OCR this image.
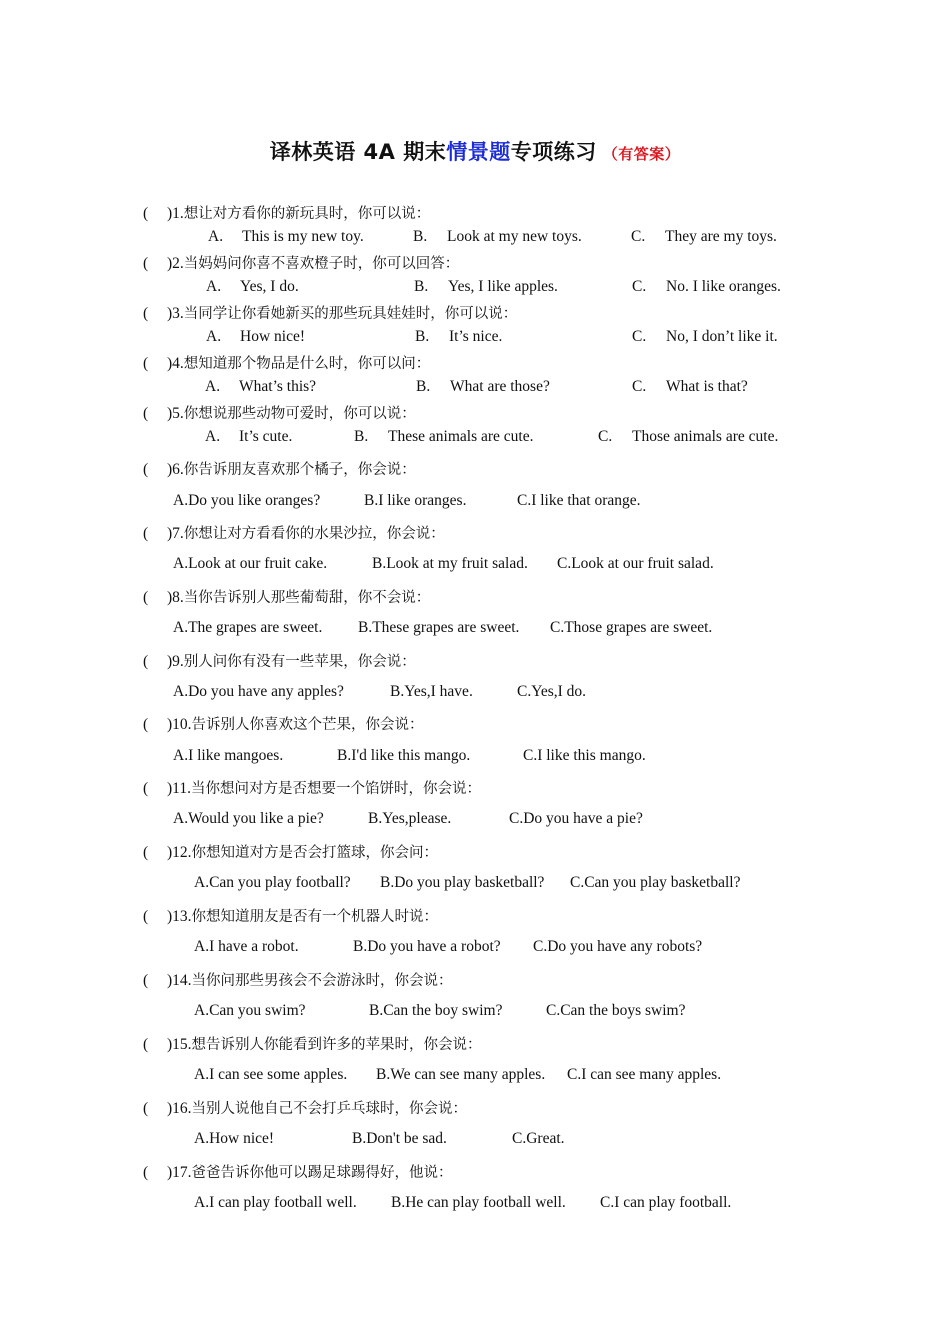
译林英语 4A 期末情景题专项练习 （有答案）
( )1.想让对方看你的新玩具时，你可以说：
A. This is my new toy.	B. Look at my new toys.	C. They are my toys.
( )2.当妈妈问你喜不喜欢橙子时，你可以回答：
A. Yes, I do.	B. Yes, I like apples.	C. No. I like oranges.
( )3.当同学让你看她新买的那些玩具娃娃时，你可以说：
A. How nice!	B. It’s nice.	C. No, I don’t like it.
( )4.想知道那个物品是什么时，你可以问：
A. What’s this?	B. What are those?	C. What is that?
( )5.你想说那些动物可爱时，你可以说：
A. It’s cute.	B. These animals are cute.	C. Those animals are cute.
( )6.你告诉朋友喜欢那个橘子，你会说：
A.Do you like oranges?	B.I like oranges.	C.I like that orange.
( )7.你想让对方看看你的水果沙拉，你会说：
A.Look at our fruit cake.	B.Look at my fruit salad. C.Look at our fruit salad.
( )8.当你告诉别人那些葡萄甜，你不会说：
A.The grapes are sweet. B.These grapes are sweet. C.Those grapes are sweet.
( )9.别人问你有没有一些苹果，你会说：
A.Do you have any apples?	B.Yes,I have.	C.Yes,I do.
( )10.告诉别人你喜欢这个芒果，你会说：
A.I like mangoes.	B.I'd like this mango.	C.I like this mango.
( )11.当你想问对方是否想要一个馅饼时，你会说：
A.Would you like a pie?	B.Yes,please.	C.Do you have a pie?
( )12.你想知道对方是否会打篮球，你会问：
A.Can you play football? B.Do you play basketball? C.Can you play basketball?
( )13.你想知道朋友是否有一个机器人时说：
A.I have a robot.	B.Do you have a robot? C.Do you have any robots?
( )14.当你问那些男孩会不会游泳时，你会说：
A.Can you swim?	B.Can the boy swim?	C.Can the boys swim?
( )15.想告诉别人你能看到许多的苹果时，你会说：
A.I can see some apples. B.We can see many apples. C.I can see many apples.
( )16.当别人说他自己不会打乒乓球时，你会说：
A.How nice!	B.Don't be sad.	C.Great.
( )17.爸爸告诉你他可以踢足球踢得好，他说：
A.I can play football well. B.He can play football well. C.I can play football.
